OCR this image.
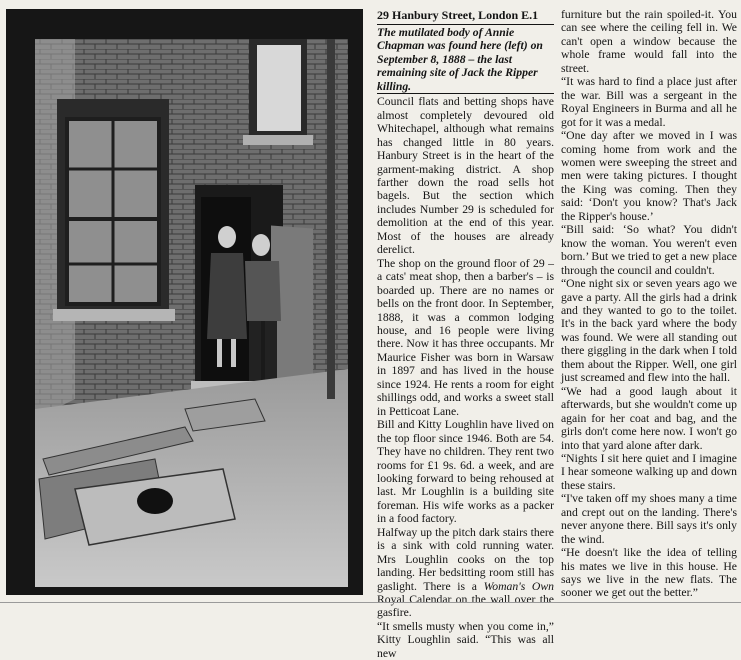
29 Hanbury Street, London E.1

The mutilated body of Annie Chapman was found here (left) on September 8, 1888 – the last remaining site of Jack the Ripper killing.

Council flats and betting shops have almost completely devoured old Whitechapel, although what remains has changed little in 80 years. Hanbury Street is in the heart of the garment-making district. A shop farther down the road sells hot bagels. But the section which includes Number 29 is scheduled for demolition at the end of this year. Most of the houses are already derelict.

The shop on the ground floor of 29 – a cats' meat shop, then a barber's – is boarded up. There are no names or bells on the front door. In September, 1888, it was a common lodging house, and 16 people were living there. Now it has three occupants. Mr Maurice Fisher was born in Warsaw in 1897 and has lived in the house since 1924. He rents a room for eight shillings odd, and works a sweet stall in Petticoat Lane.

Bill and Kitty Loughlin have lived on the top floor since 1946. Both are 54. They have no children. They rent two rooms for £1 9s. 6d. a week, and are looking forward to being rehoused at last. Mr Loughlin is a building site foreman. His wife works as a packer in a food factory.

Halfway up the pitch dark stairs there is a sink with cold running water. Mrs Loughlin cooks on the top landing. Her bedsitting room still has gaslight. There is a Woman's Own Royal Calendar on the wall over the gasfire.

“It smells musty when you come in,” Kitty Loughlin said. “This was all new

furniture but the rain spoiled-it. You can see where the ceiling fell in. We can't open a window because the whole frame would fall into the street.

“It was hard to find a place just after the war. Bill was a sergeant in the Royal Engineers in Burma and all he got for it was a medal.

“One day after we moved in I was coming home from work and the women were sweeping the street and men were taking pictures. I thought the King was coming. Then they said: ‘Don't you know? That's Jack the Ripper's house.’

“Bill said: ‘So what? You didn't know the woman. You weren't even born.’ But we tried to get a new place through the council and couldn't.

“One night six or seven years ago we gave a party. All the girls had a drink and they wanted to go to the toilet. It's in the back yard where the body was found. We were all standing out there giggling in the dark when I told them about the Ripper. Well, one girl just screamed and flew into the hall.

“We had a good laugh about it afterwards, but she wouldn't come up again for her coat and bag, and the girls don't come here now. I won't go into that yard alone after dark.

“Nights I sit here quiet and I imagine I hear someone walking up and down these stairs.

“I've taken off my shoes many a time and crept out on the landing. There's never anyone there. Bill says it's only the wind.

“He doesn't like the idea of telling his mates we live in this house. He says we live in the new flats. The sooner we get out the better.”
